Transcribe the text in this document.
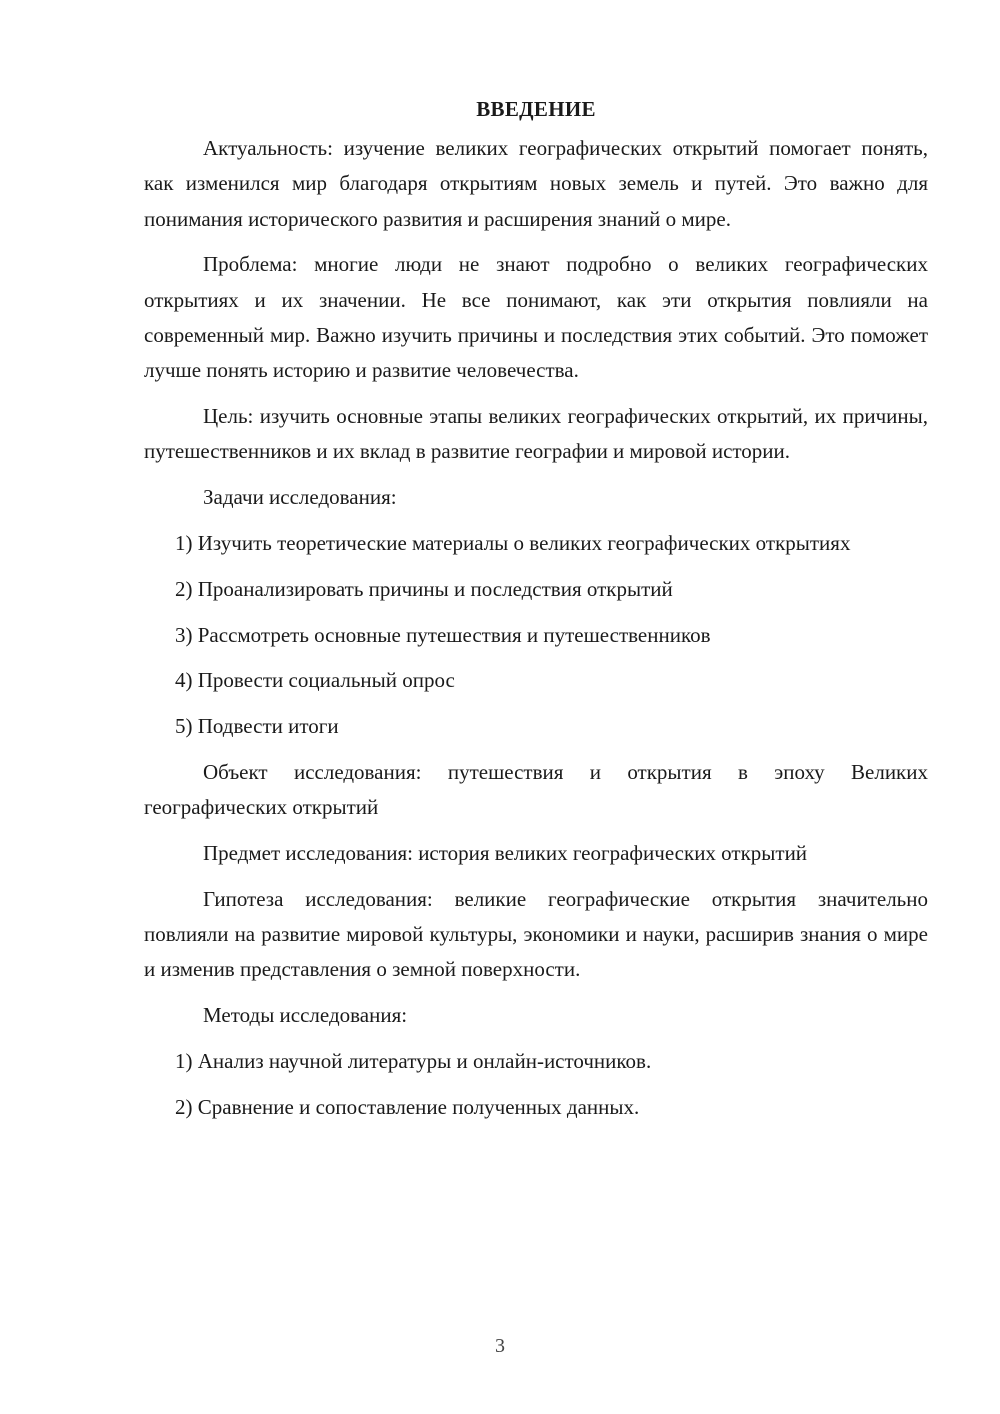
ВВЕДЕНИЕ

Актуальность: изучение великих географических открытий помогает понять, как изменился мир благодаря открытиям новых земель и путей. Это важно для понимания исторического развития и расширения знаний о мире.

Проблема: многие люди не знают подробно о великих географических открытиях и их значении. Не все понимают, как эти открытия повлияли на современный мир. Важно изучить причины и последствия этих событий. Это поможет лучше понять историю и развитие человечества.

Цель: изучить основные этапы великих географических открытий, их причины, путешественников и их вклад в развитие географии и мировой истории.

Задачи исследования:

1) Изучить теоретические материалы о великих географических открытиях

2) Проанализировать причины и последствия открытий

3) Рассмотреть основные путешествия и путешественников

4) Провести социальный опрос

5) Подвести итоги

Объект исследования: путешествия и открытия в эпоху Великих географических открытий

Предмет исследования: история великих географических открытий

Гипотеза исследования: великие географические открытия значительно повлияли на развитие мировой культуры, экономики и науки, расширив знания о мире и изменив представления о земной поверхности.

Методы исследования:

1) Анализ научной литературы и онлайн-источников.

2) Сравнение и сопоставление полученных данных.

3
